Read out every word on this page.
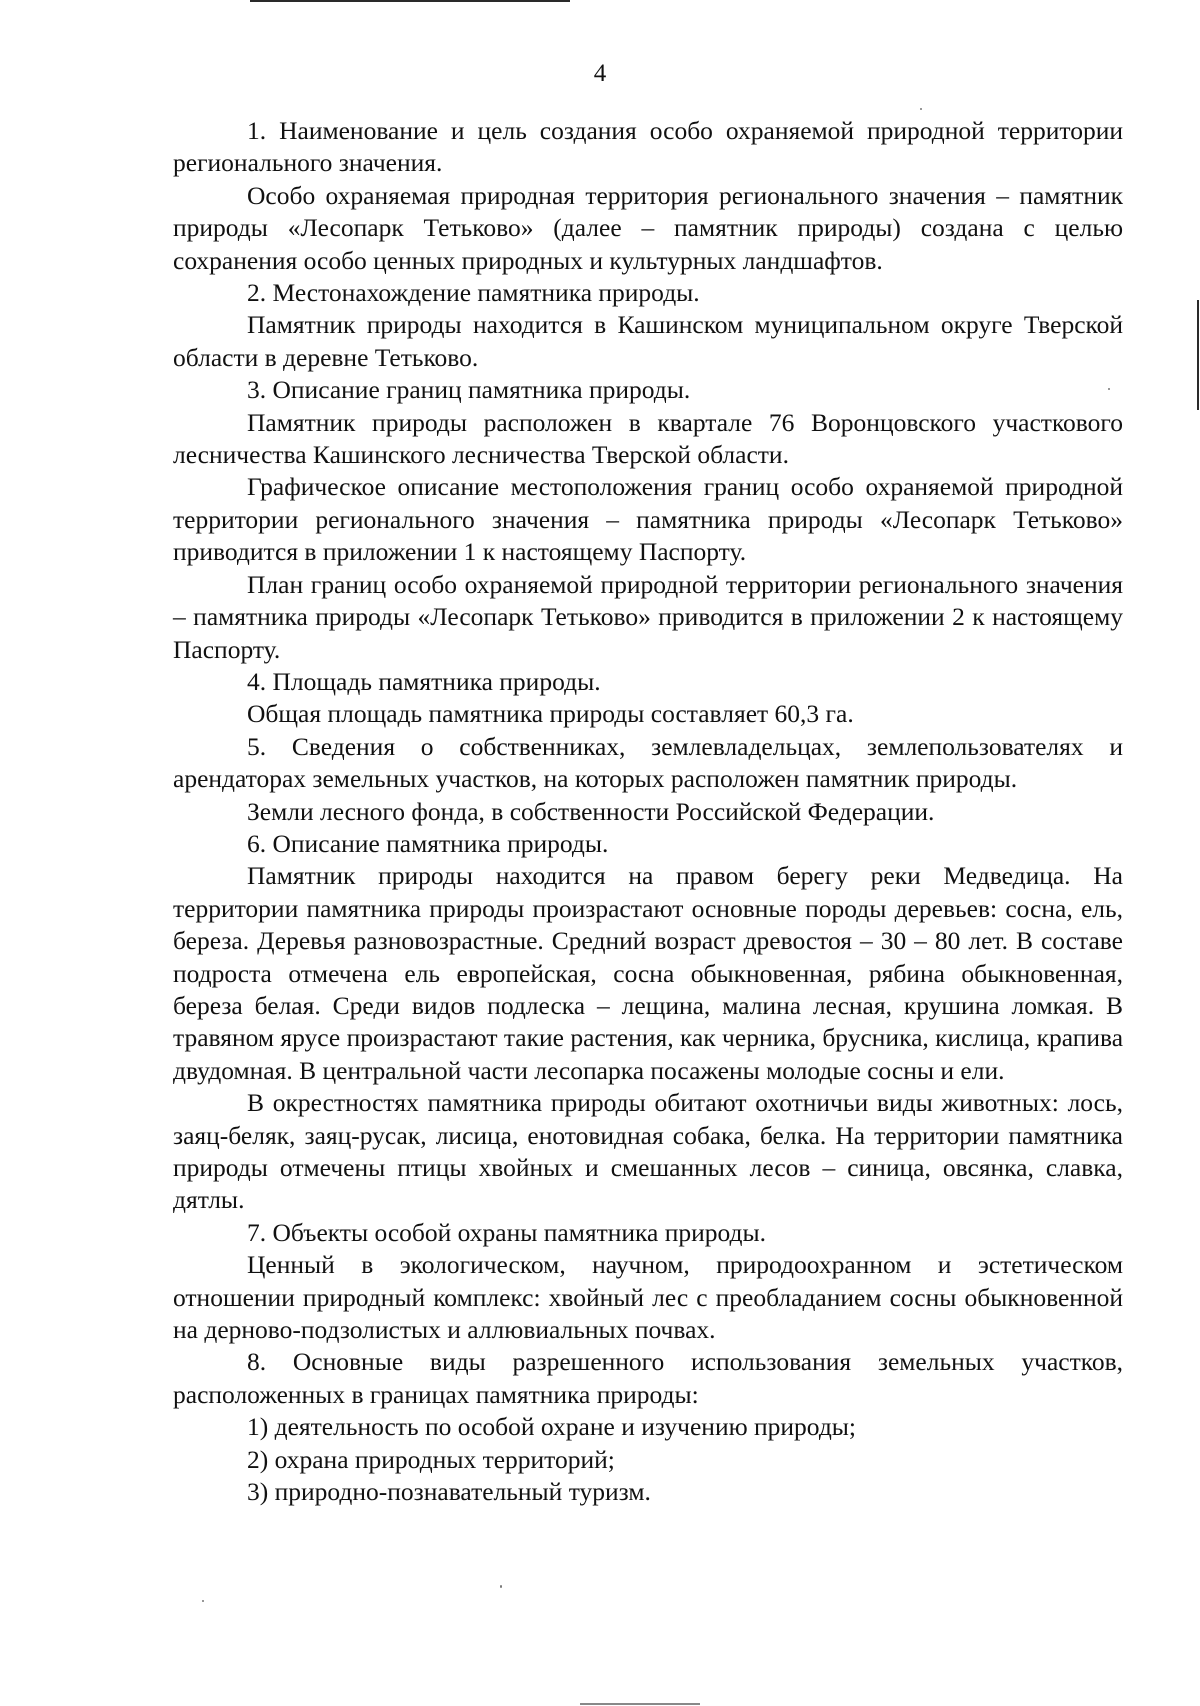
4

1. Наименование и цель создания особо охраняемой природной территории регионального значения.

Особо охраняемая природная территория регионального значения – памятник природы «Лесопарк Тетьково» (далее – памятник природы) создана с целью сохранения особо ценных природных и культурных ландшафтов.

2. Местонахождение памятника природы.

Памятник природы находится в Кашинском муниципальном округе Тверской области в деревне Тетьково.

3. Описание границ памятника природы.

Памятник природы расположен в квартале 76 Воронцовского участкового лесничества Кашинского лесничества Тверской области.

Графическое описание местоположения границ особо охраняемой природной территории регионального значения – памятника природы «Лесопарк Тетьково» приводится в приложении 1 к настоящему Паспорту.

План границ особо охраняемой природной территории регионального значения – памятника природы «Лесопарк Тетьково» приводится в приложении 2 к настоящему Паспорту.

4. Площадь памятника природы.

Общая площадь памятника природы составляет 60,3 га.

5. Сведения о собственниках, землевладельцах, землепользователях и арендаторах земельных участков, на которых расположен памятник природы.

Земли лесного фонда, в собственности Российской Федерации.

6. Описание памятника природы.

Памятник природы находится на правом берегу реки Медведица. На территории памятника природы произрастают основные породы деревьев: сосна, ель, береза. Деревья разновозрастные. Средний возраст древостоя – 30 – 80 лет. В составе подроста отмечена ель европейская, сосна обыкновенная, рябина обыкновенная, береза белая. Среди видов подлеска – лещина, малина лесная, крушина ломкая. В травяном ярусе произрастают такие растения, как черника, брусника, кислица, крапива двудомная. В центральной части лесопарка посажены молодые сосны и ели.

В окрестностях памятника природы обитают охотничьи виды животных: лось, заяц-беляк, заяц-русак, лисица, енотовидная собака, белка. На территории памятника природы отмечены птицы хвойных и смешанных лесов – синица, овсянка, славка, дятлы.

7. Объекты особой охраны памятника природы.

Ценный в экологическом, научном, природоохранном и эстетическом отношении природный комплекс: хвойный лес с преобладанием сосны обыкновенной на дерново-подзолистых и аллювиальных почвах.

8. Основные виды разрешенного использования земельных участков, расположенных в границах памятника природы:

1) деятельность по особой охране и изучению природы;

2) охрана природных территорий;

3) природно-познавательный туризм.
